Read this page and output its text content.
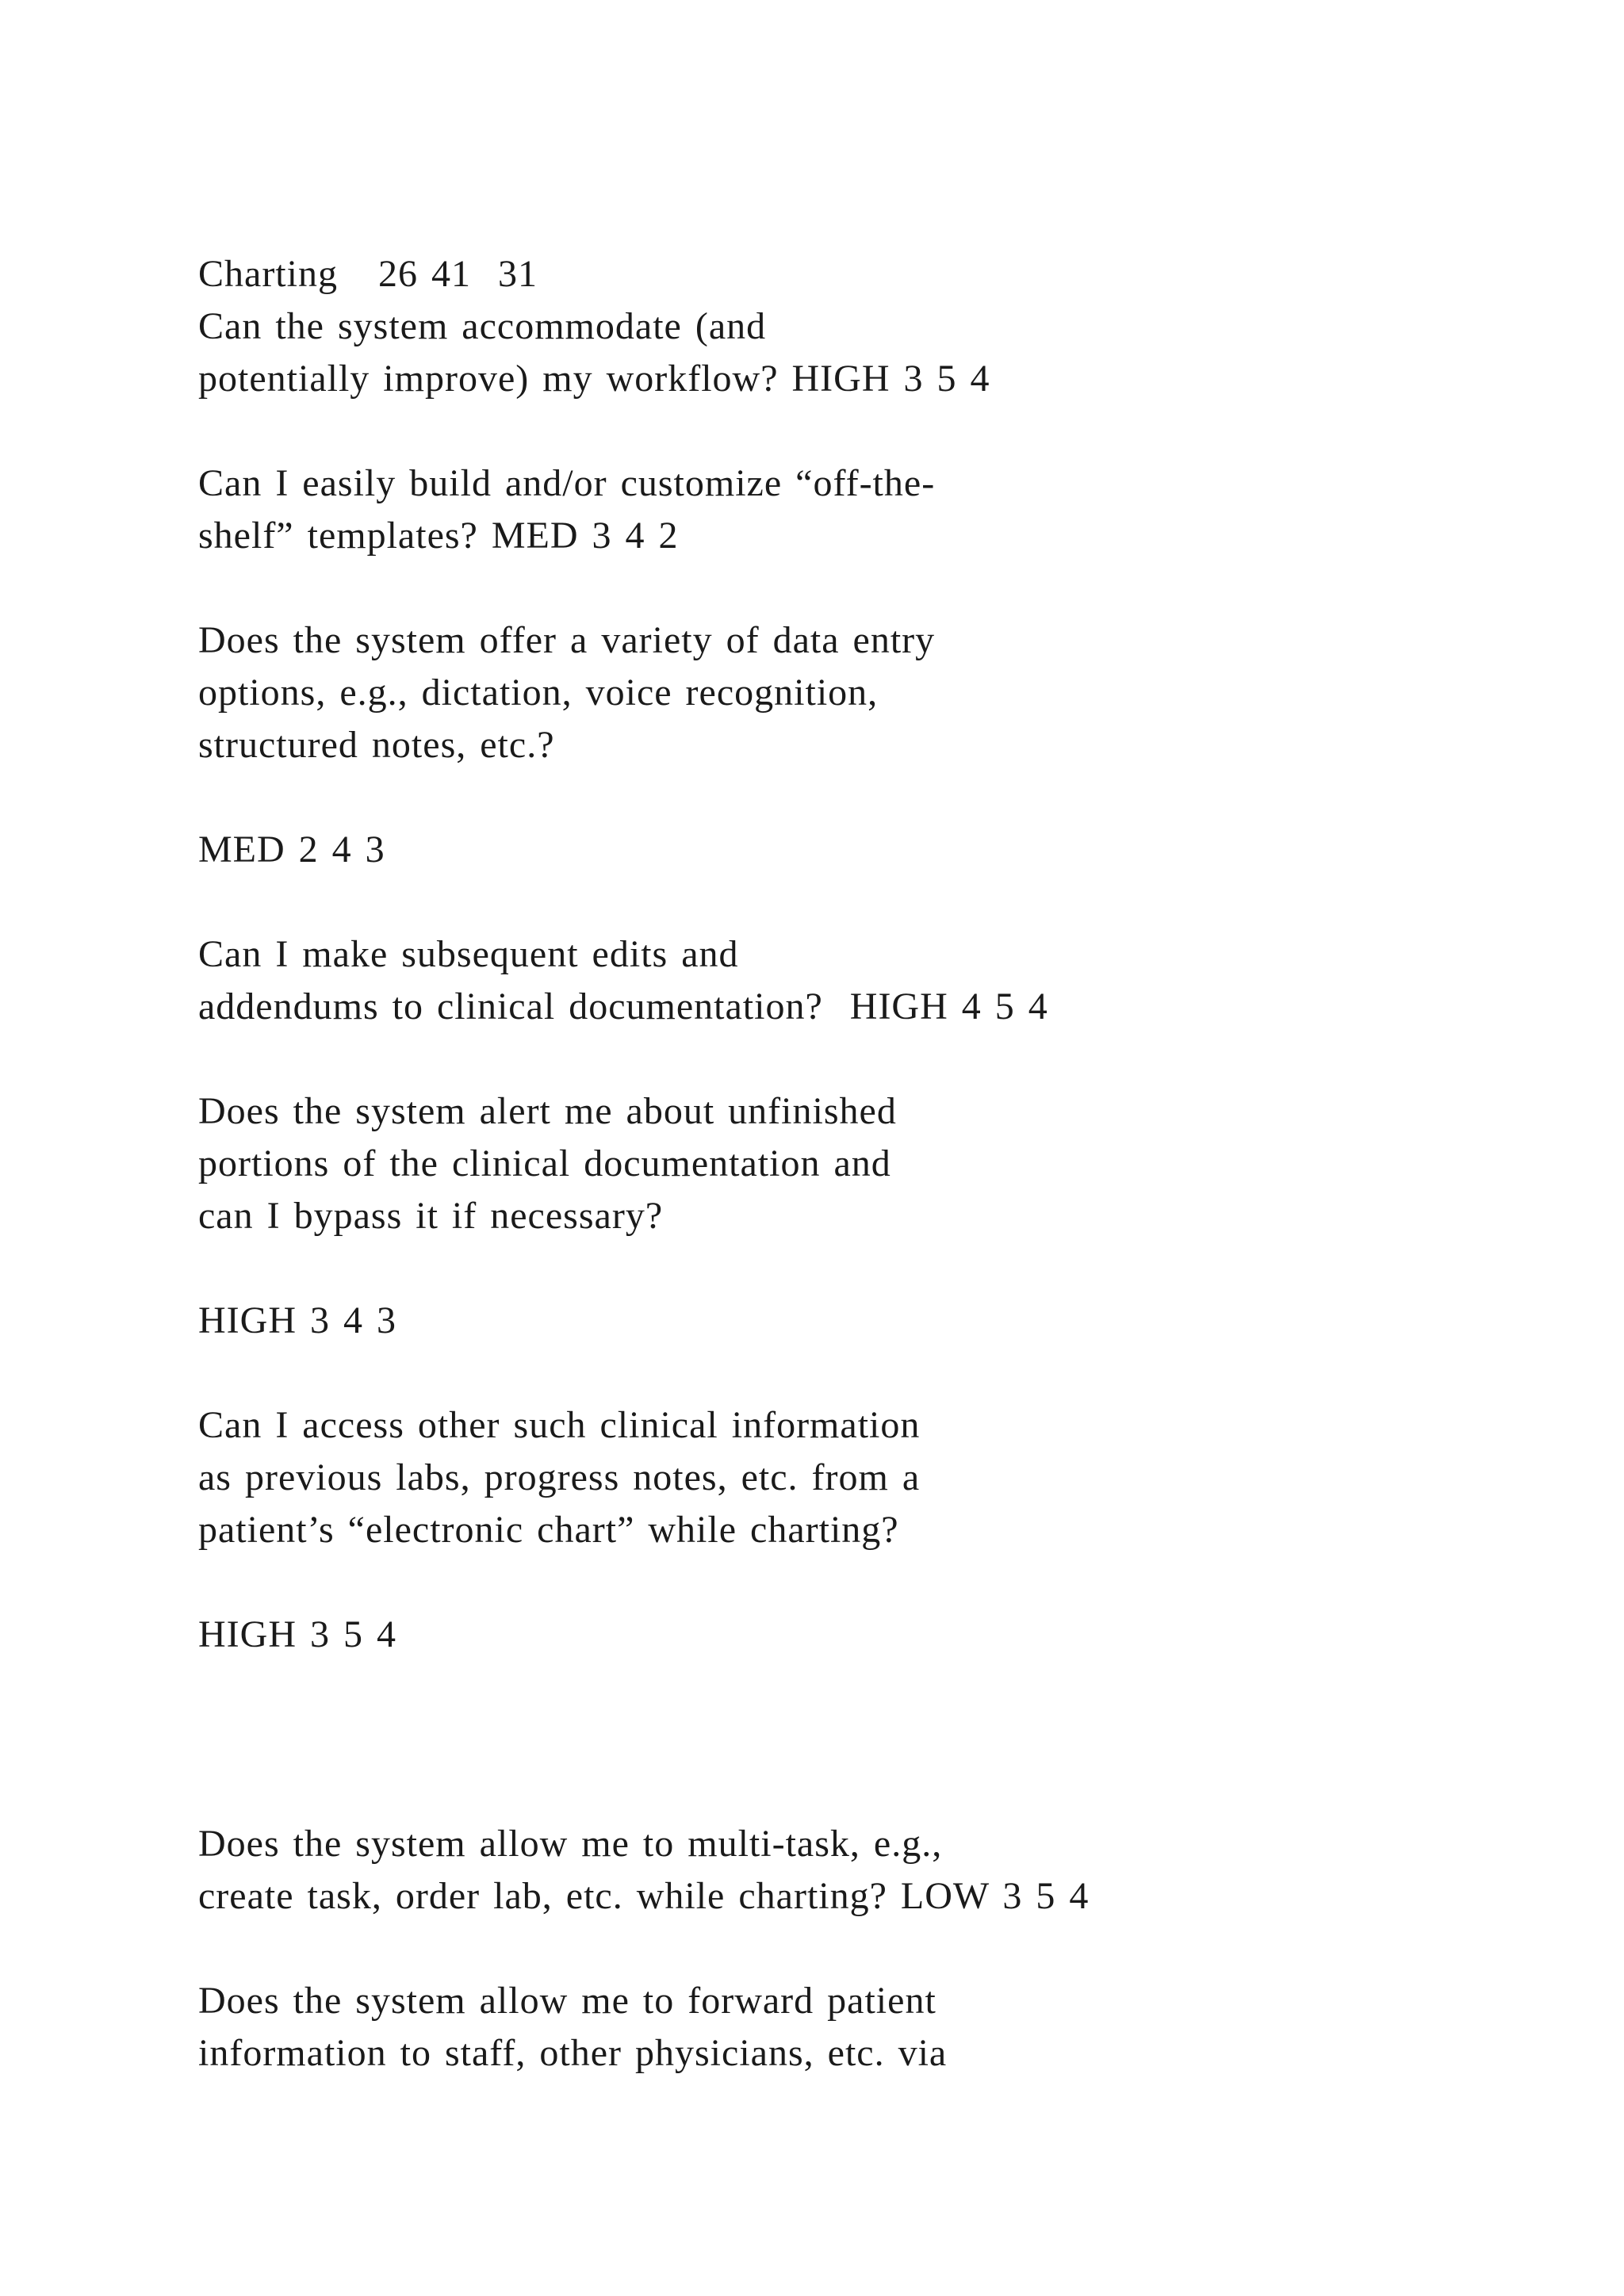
Charting   26 41  31
Can the system accommodate (and
potentially improve) my workflow? HIGH 3 5 4
Can I easily build and/or customize “off-the-
shelf” templates? MED 3 4 2
Does the system offer a variety of data entry
options, e.g., dictation, voice recognition,
structured notes, etc.?
MED 2 4 3
Can I make subsequent edits and
addendums to clinical documentation?  HIGH 4 5 4
Does the system alert me about unfinished
portions of the clinical documentation and
can I bypass it if necessary?
HIGH 3 4 3
Can I access other such clinical information
as previous labs, progress notes, etc. from a
patient’s “electronic chart” while charting?
HIGH 3 5 4
Does the system allow me to multi-task, e.g.,
create task, order lab, etc. while charting? LOW 3 5 4
Does the system allow me to forward patient
information to staff, other physicians, etc. via
